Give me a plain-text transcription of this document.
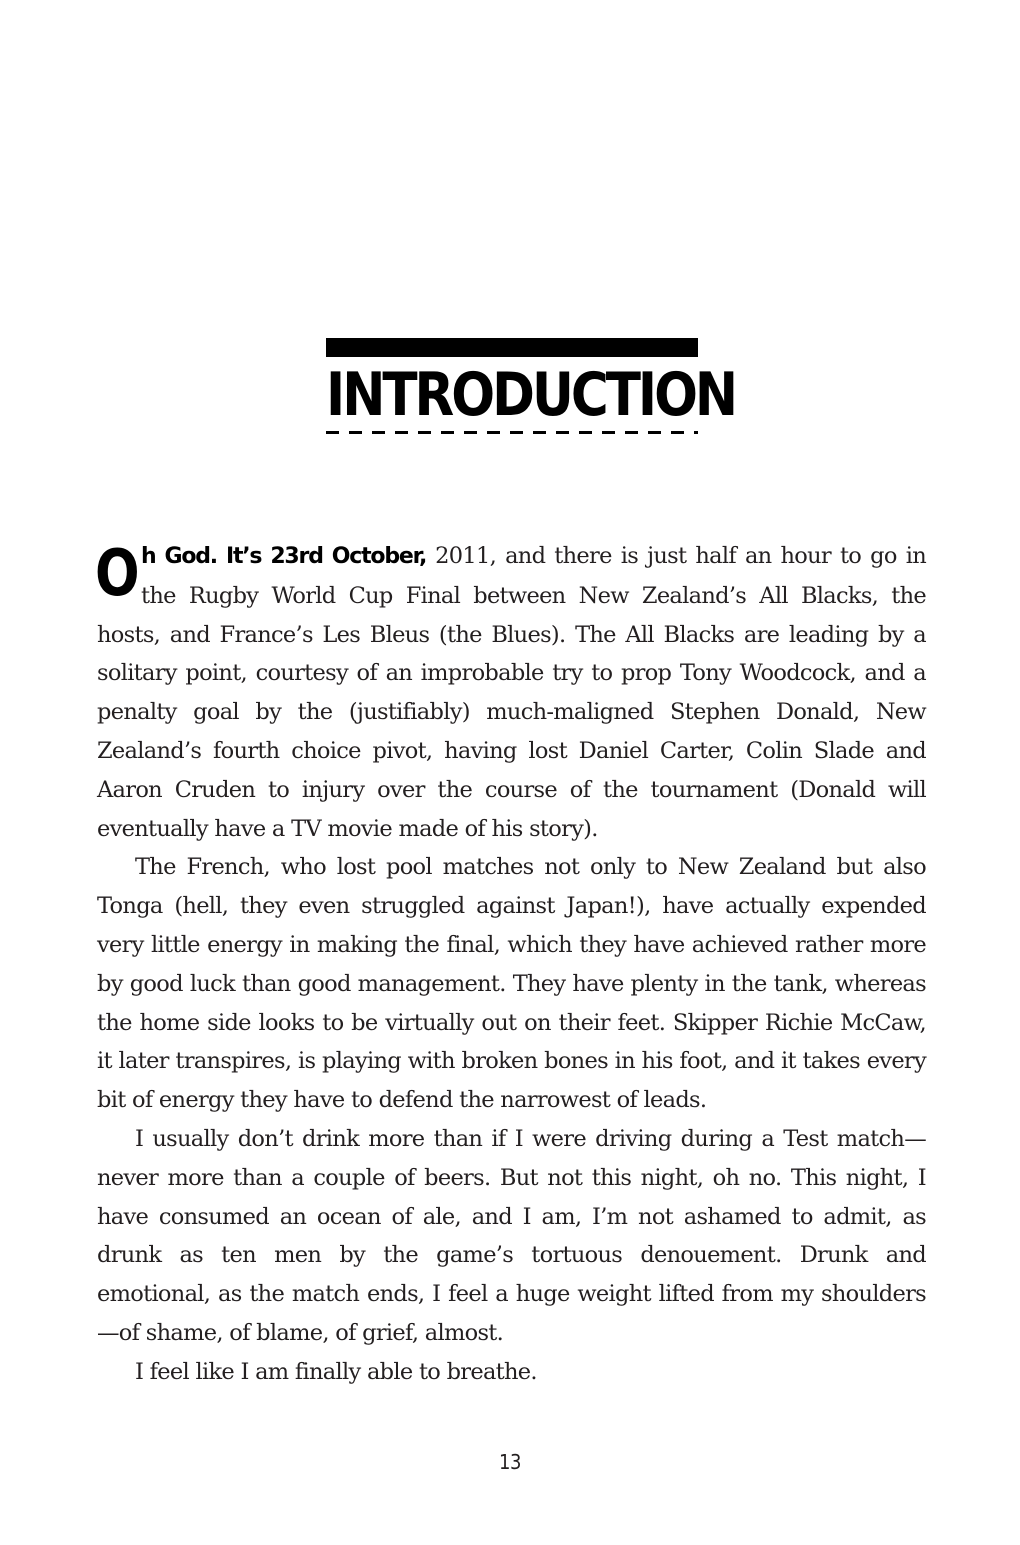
INTRODUCTION

Oh God. It’s 23rd October, 2011, and there is just half an hour to go in the Rugby World Cup Final between New Zealand’s All Blacks, the hosts, and France’s Les Bleus (the Blues). The All Blacks are leading by a solitary point, courtesy of an improbable try to prop Tony Woodcock, and a penalty goal by the (justifiably) much-maligned Stephen Donald, New Zealand’s fourth choice pivot, having lost Daniel Carter, Colin Slade and Aaron Cruden to injury over the course of the tournament (Donald will eventually have a TV movie made of his story).

The French, who lost pool matches not only to New Zealand but also Tonga (hell, they even struggled against Japan!), have actually expended very little energy in making the final, which they have achieved rather more by good luck than good management. They have plenty in the tank, whereas the home side looks to be virtually out on their feet. Skipper Richie McCaw, it later transpires, is playing with broken bones in his foot, and it takes every bit of energy they have to defend the narrowest of leads.

I usually don’t drink more than if I were driving during a Test match—never more than a couple of beers. But not this night, oh no. This night, I have consumed an ocean of ale, and I am, I’m not ashamed to admit, as drunk as ten men by the game’s tortuous denouement. Drunk and emotional, as the match ends, I feel a huge weight lifted from my shoulders—of shame, of blame, of grief, almost.

I feel like I am finally able to breathe.

13
